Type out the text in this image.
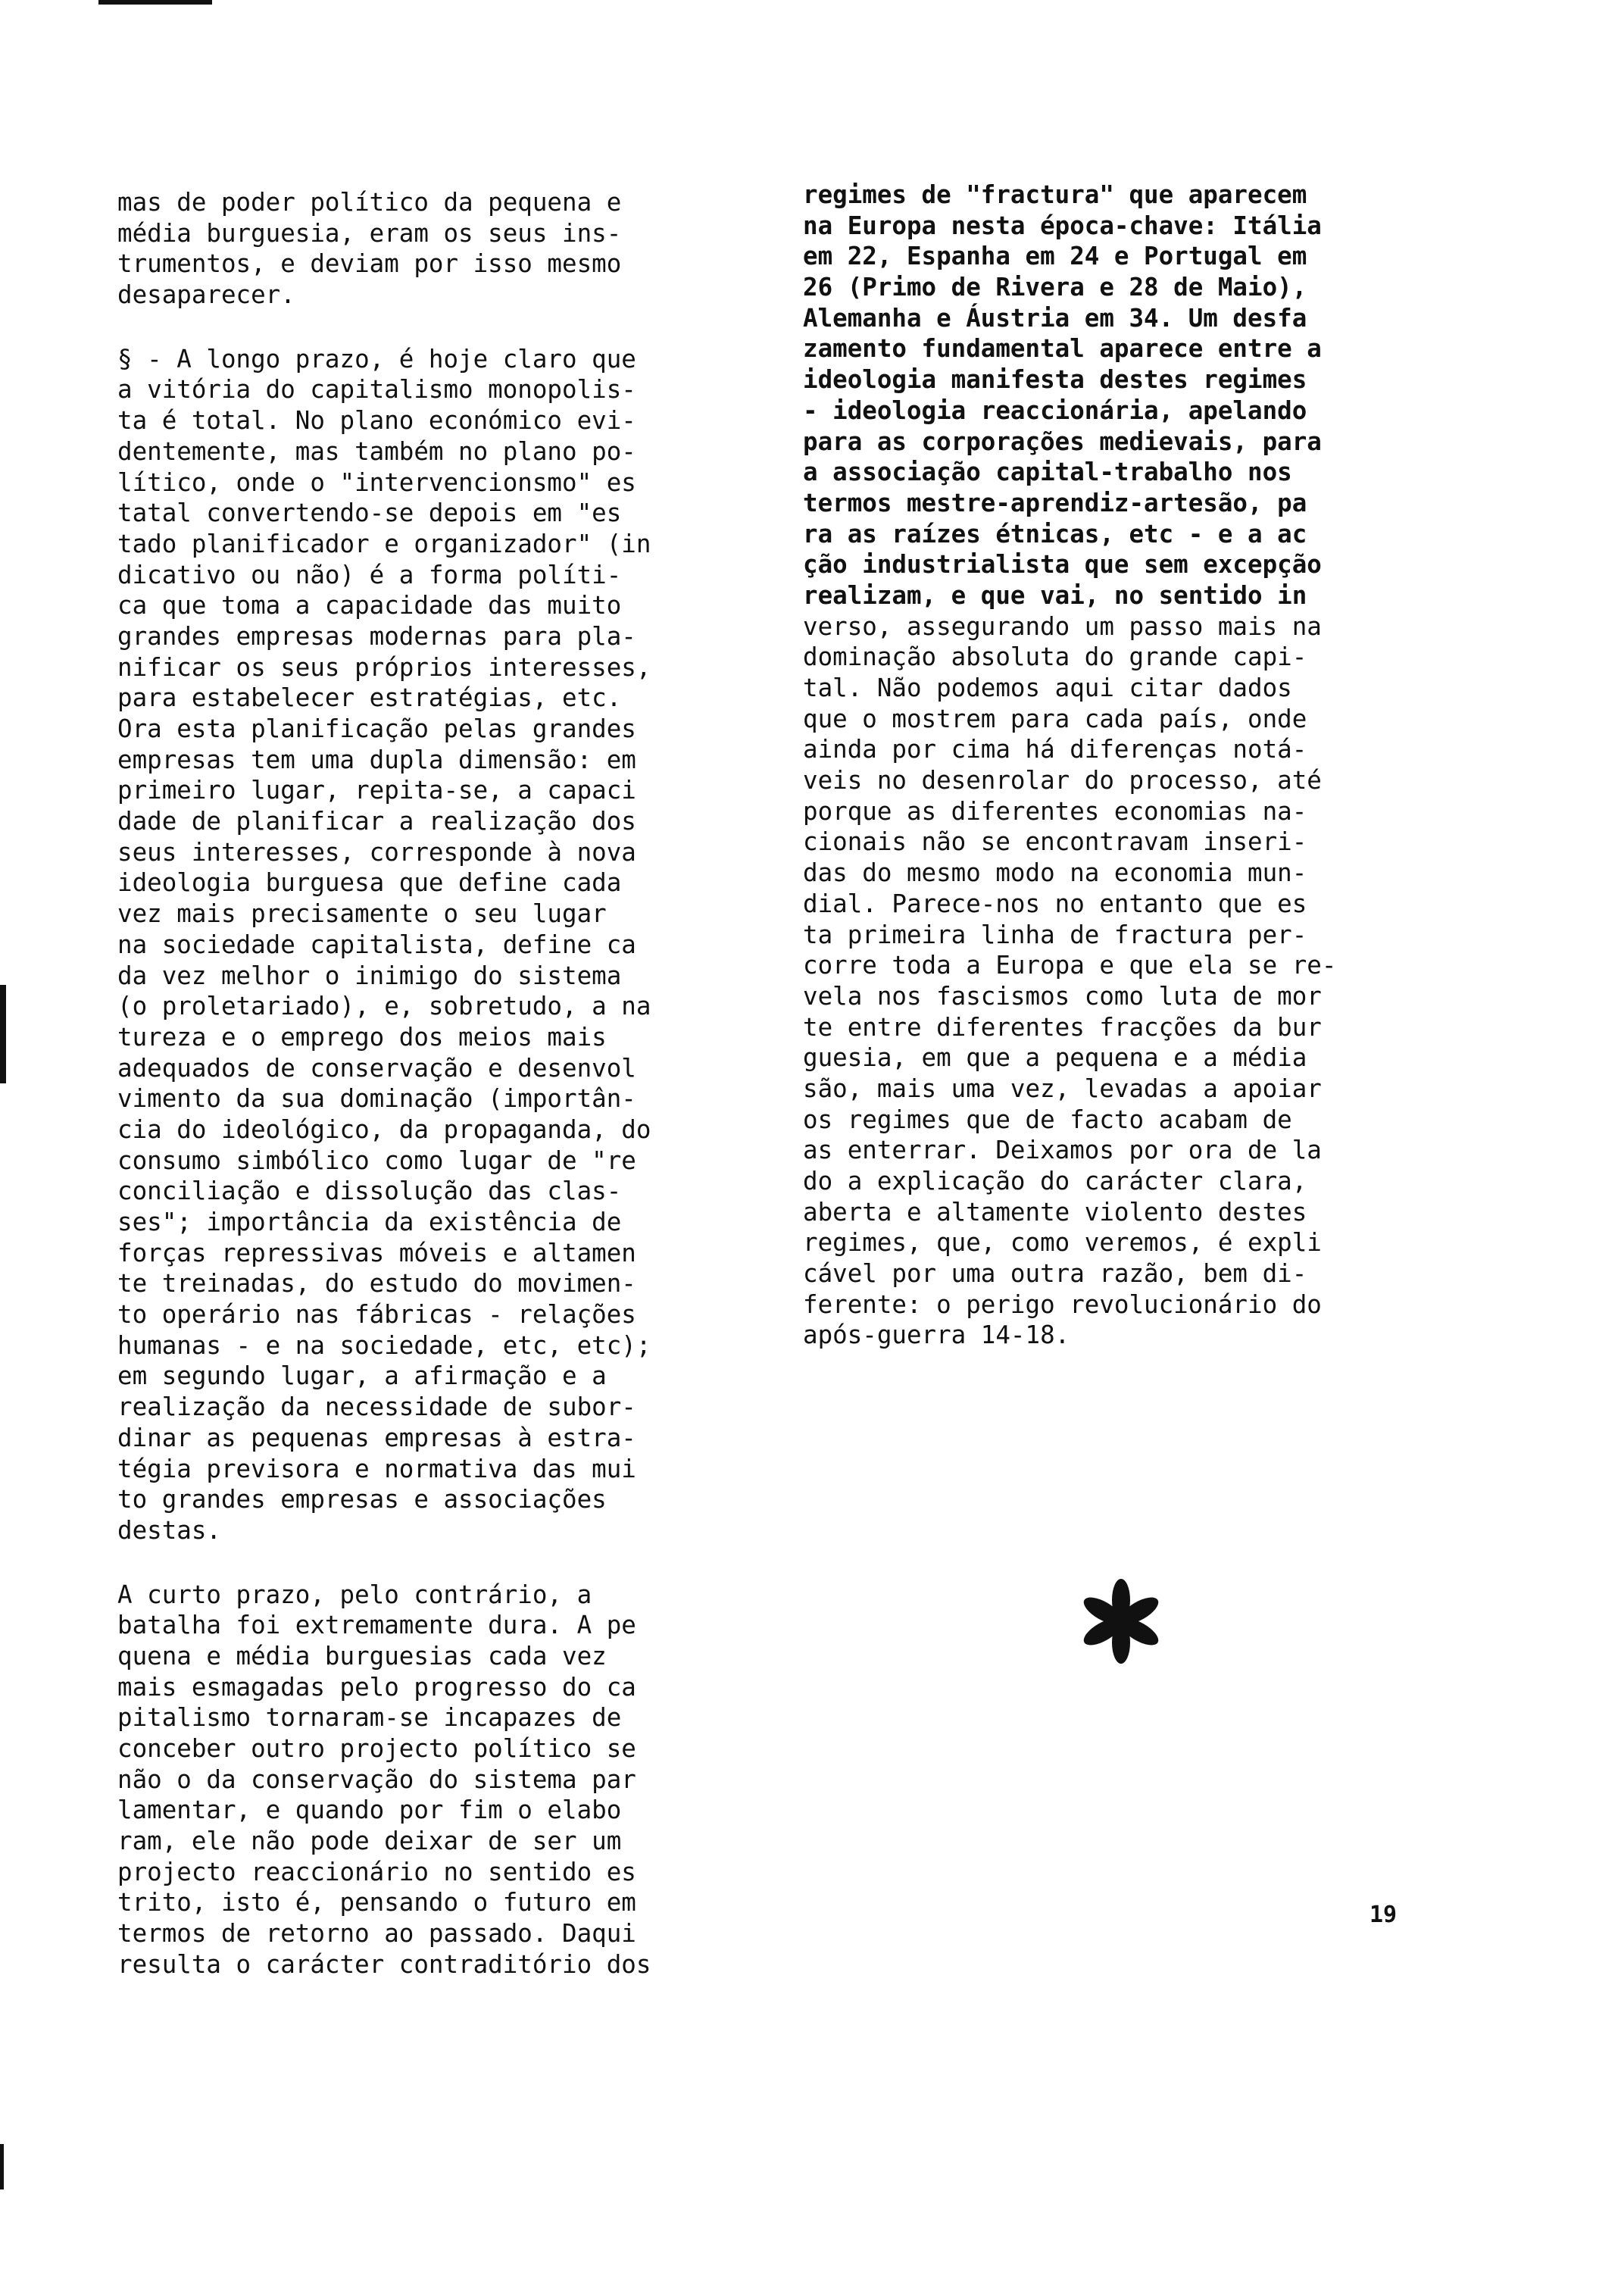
mas de poder político da pequena e
média burguesia, eram os seus ins-
trumentos, e deviam por isso mesmo
desaparecer.
§ - A longo prazo, é hoje claro que
a vitória do capitalismo monopolis-
ta é total. No plano económico evi-
dentemente, mas também no plano po-
lítico, onde o "intervencionsmo" es
tatal convertendo-se depois em "es
tado planificador e organizador" (in
dicativo ou não) é a forma políti-
ca que toma a capacidade das muito
grandes empresas modernas para pla-
nificar os seus próprios interesses,
para estabelecer estratégias, etc.
Ora esta planificação pelas grandes
empresas tem uma dupla dimensão: em
primeiro lugar, repita-se, a capaci
dade de planificar a realização dos
seus interesses, corresponde à nova
ideologia burguesa que define cada
vez mais precisamente o seu lugar
na sociedade capitalista, define ca
da vez melhor o inimigo do sistema
(o proletariado), e, sobretudo, a na
tureza e o emprego dos meios mais
adequados de conservação e desenvol
vimento da sua dominação (importân-
cia do ideológico, da propaganda, do
consumo simbólico como lugar de "re
conciliação e dissolução das clas-
ses"; importância da existência de
forças repressivas móveis e altamen
te treinadas, do estudo do movimen-
to operário nas fábricas - relações
humanas - e na sociedade, etc, etc);
em segundo lugar, a afirmação e a
realização da necessidade de subor-
dinar as pequenas empresas à estra-
tégia previsora e normativa das mui
to grandes empresas e associações
destas.
A curto prazo, pelo contrário, a
batalha foi extremamente dura. A pe
quena e média burguesias cada vez
mais esmagadas pelo progresso do ca
pitalismo tornaram-se incapazes de
conceber outro projecto político se
não o da conservação do sistema par
lamentar, e quando por fim o elabo
ram, ele não pode deixar de ser um
projecto reaccionário no sentido es
trito, isto é, pensando o futuro em
termos de retorno ao passado. Daqui
resulta o carácter contraditório dos
regimes de "fractura" que aparecem
na Europa nesta época-chave: Itália
em 22, Espanha em 24 e Portugal em
26 (Primo de Rivera e 28 de Maio),
Alemanha e Áustria em 34. Um desfa
zamento fundamental aparece entre a
ideologia manifesta destes regimes
- ideologia reaccionária, apelando
para as corporações medievais, para
a associação capital-trabalho nos
termos mestre-aprendiz-artesão, pa
ra as raízes étnicas, etc - e a ac
ção industrialista que sem excepção
realizam, e que vai, no sentido in
verso, assegurando um passo mais na
dominação absoluta do grande capi-
tal. Não podemos aqui citar dados
que o mostrem para cada país, onde
ainda por cima há diferenças notá-
veis no desenrolar do processo, até
porque as diferentes economias na-
cionais não se encontravam inseri-
das do mesmo modo na economia mun-
dial. Parece-nos no entanto que es
ta primeira linha de fractura per-
corre toda a Europa e que ela se re-
vela nos fascismos como luta de mor
te entre diferentes fracções da bur
guesia, em que a pequena e a média
são, mais uma vez, levadas a apoiar
os regimes que de facto acabam de
as enterrar. Deixamos por ora de la
do a explicação do carácter clara,
aberta e altamente violento destes
regimes, que, como veremos, é expli
cável por uma outra razão, bem di-
ferente: o perigo revolucionário do
após-guerra 14-18.
19
